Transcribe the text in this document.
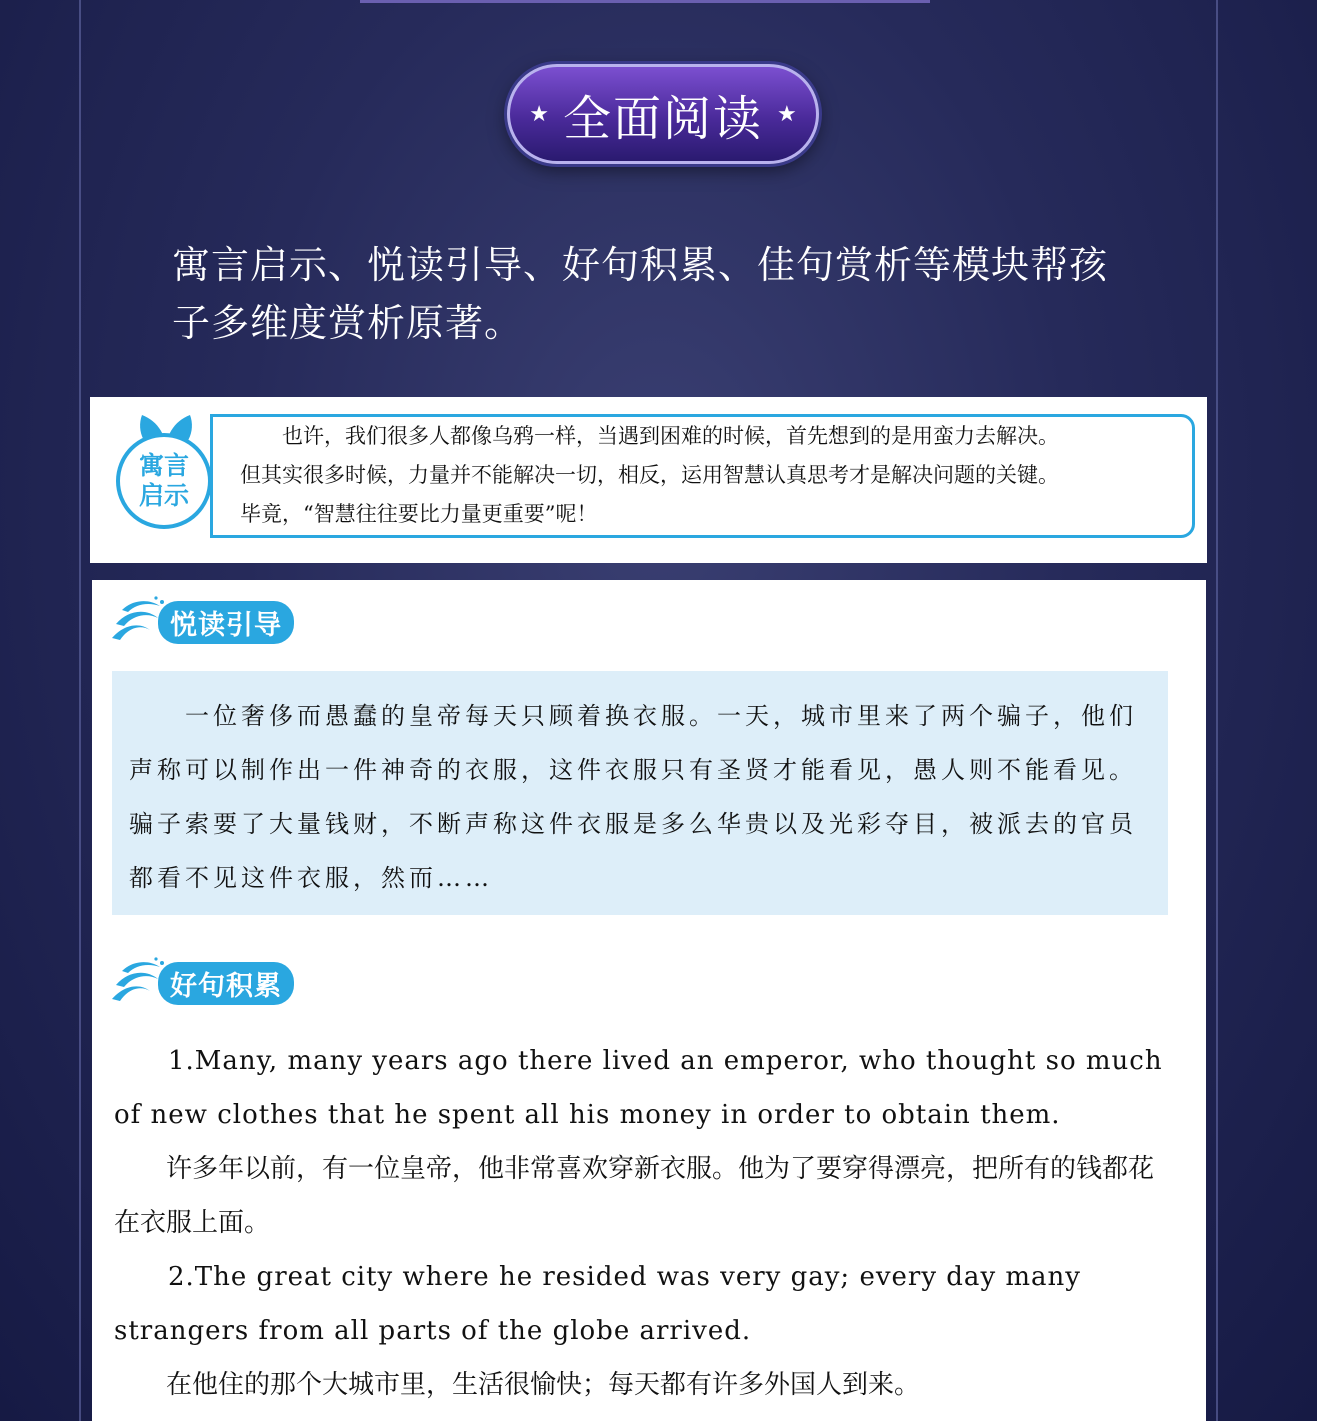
★ 全面阅读 ★
寓言启示、悦读引导、好句积累、佳句赏析等模块帮孩
子多维度赏析原著。
寓言
启示

　　也许，我们很多人都像乌鸦一样，当遇到困难的时候，首先想到的是用蛮力去解决。

但其实很多时候，力量并不能解决一切，相反，运用智慧认真思考才是解决问题的关键。

毕竟，“智慧往往要比力量更重要”呢！

悦读引导

　　一位奢侈而愚蠢的皇帝每天只顾着换衣服。一天，城市里来了两个骗子，他们声称可以制作出一件神奇的衣服，这件衣服只有圣贤才能看见，愚人则不能看见。骗子索要了大量钱财，不断声称这件衣服是多么华贵以及光彩夺目，被派去的官员都看不见这件衣服，然而……

好句积累

　　1.Many, many years ago there lived an emperor, who thought so much of new clothes that he spent all his money in order to obtain them.

　　许多年以前，有一位皇帝，他非常喜欢穿新衣服。他为了要穿得漂亮，把所有的钱都花在衣服上面。

　　2.The great city where he resided was very gay; every day many strangers from all parts of the globe arrived.

　　在他住的那个大城市里，生活很愉快；每天都有许多外国人到来。
